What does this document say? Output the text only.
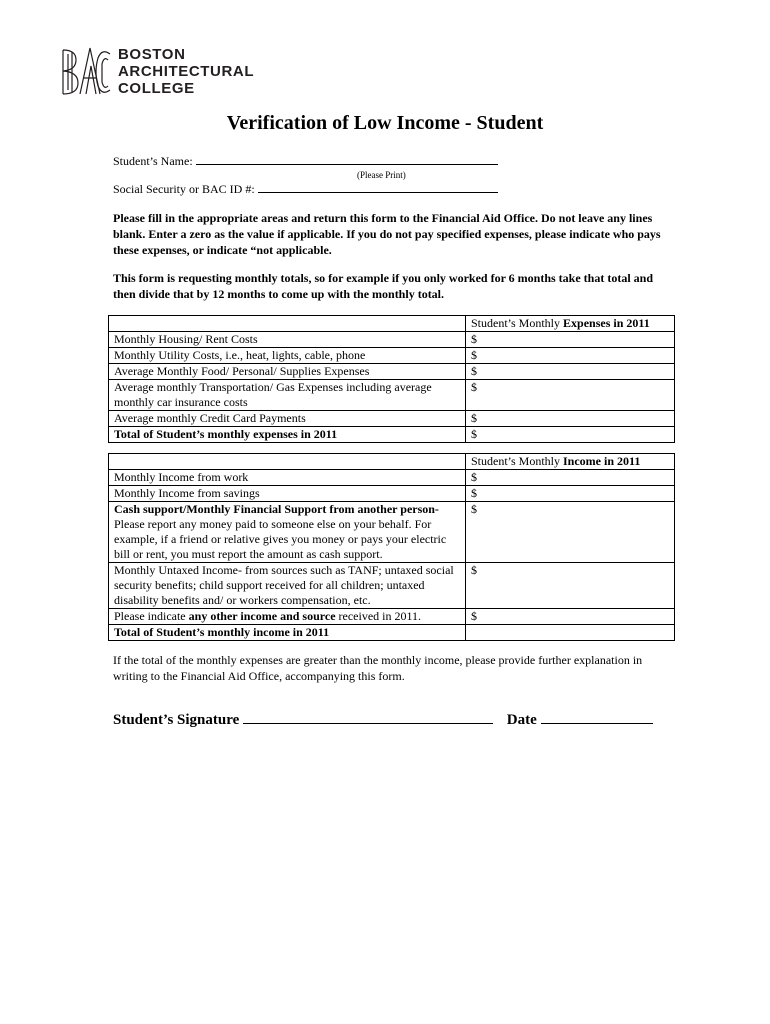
BOSTON
ARCHITECTURAL
COLLEGE
Verification of Low Income - Student
Student’s Name:
(Please Print)
Social Security or BAC ID #:
Please fill in the appropriate areas and return this form to the Financial Aid Office. Do not leave any lines blank. Enter a zero as the value if applicable. If you do not pay specified expenses, please indicate who pays these expenses, or indicate “not applicable.
This form is requesting monthly totals, so for example if you only worked for 6 months take that total and then divide that by 12 months to come up with the monthly total.
	Student’s Monthly Expenses in 2011
Monthly Housing/ Rent Costs	$
Monthly Utility Costs, i.e., heat, lights, cable, phone	$
Average Monthly Food/ Personal/ Supplies Expenses	$
Average monthly Transportation/ Gas Expenses including average monthly car insurance costs	$
Average monthly Credit Card Payments	$
Total of Student’s monthly expenses in 2011	$
	Student’s Monthly Income in 2011
Monthly Income from work	$
Monthly Income from savings	$
Cash support/Monthly Financial Support from another person- Please report any money paid to someone else on your behalf. For example, if a friend or relative gives you money or pays your electric bill or rent, you must report the amount as cash support.	$
Monthly Untaxed Income- from sources such as TANF; untaxed social security benefits; child support received for all children; untaxed disability benefits and/ or workers compensation, etc.	$
Please indicate any other income and source received in 2011.	$
Total of Student’s monthly income in 2011	
If the total of the monthly expenses are greater than the monthly income, please provide further explanation in writing to the Financial Aid Office, accompanying this form.
Student’s Signature	Date
